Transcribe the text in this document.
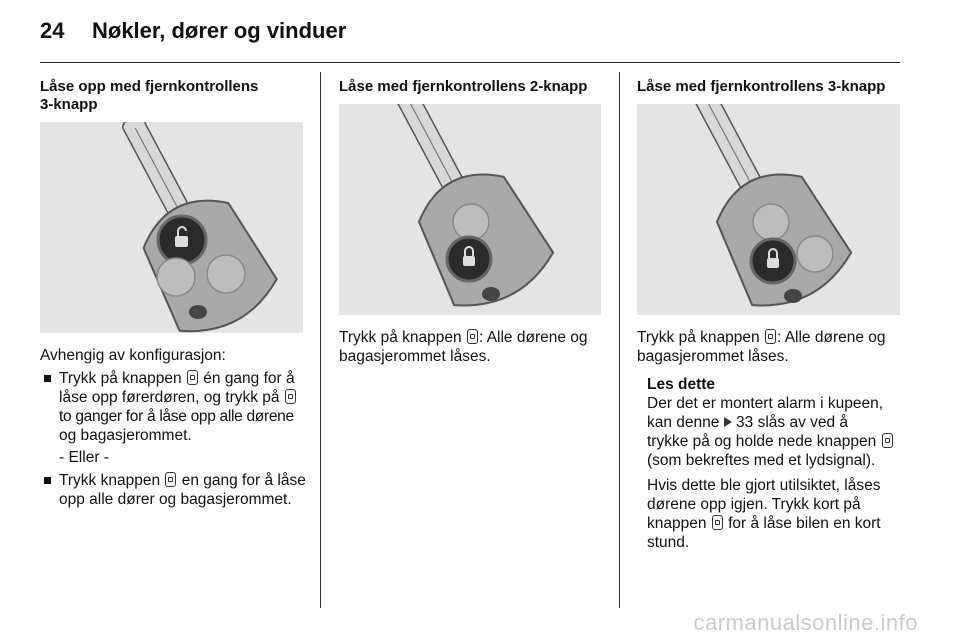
24 Nøkler, dører og vinduer
Låse opp med fjernkontrollens
3-knapp
Avhengig av konfigurasjon:
Trykk på knappen én gang for å
låse opp førerdøren, og trykk på
to ganger for å låse opp alle dørene
og bagasjerommet.
- Eller -
Trykk knappen en gang for å låse
opp alle dører og bagasjerommet.
Låse med fjernkontrollens 2-knapp
Trykk på knappen : Alle dørene og
bagasjerommet låses.
Låse med fjernkontrollens 3-knapp
Trykk på knappen : Alle dørene og
bagasjerommet låses.
Les dette
Der det er montert alarm i kupeen,
kan denne 33 slås av ved å
trykke på og holde nede knappen
(som bekreftes med et lydsignal).
Hvis dette ble gjort utilsiktet, låses
dørene opp igjen. Trykk kort på
knappen for å låse bilen en kort
stund.
carmanualsonline.info
